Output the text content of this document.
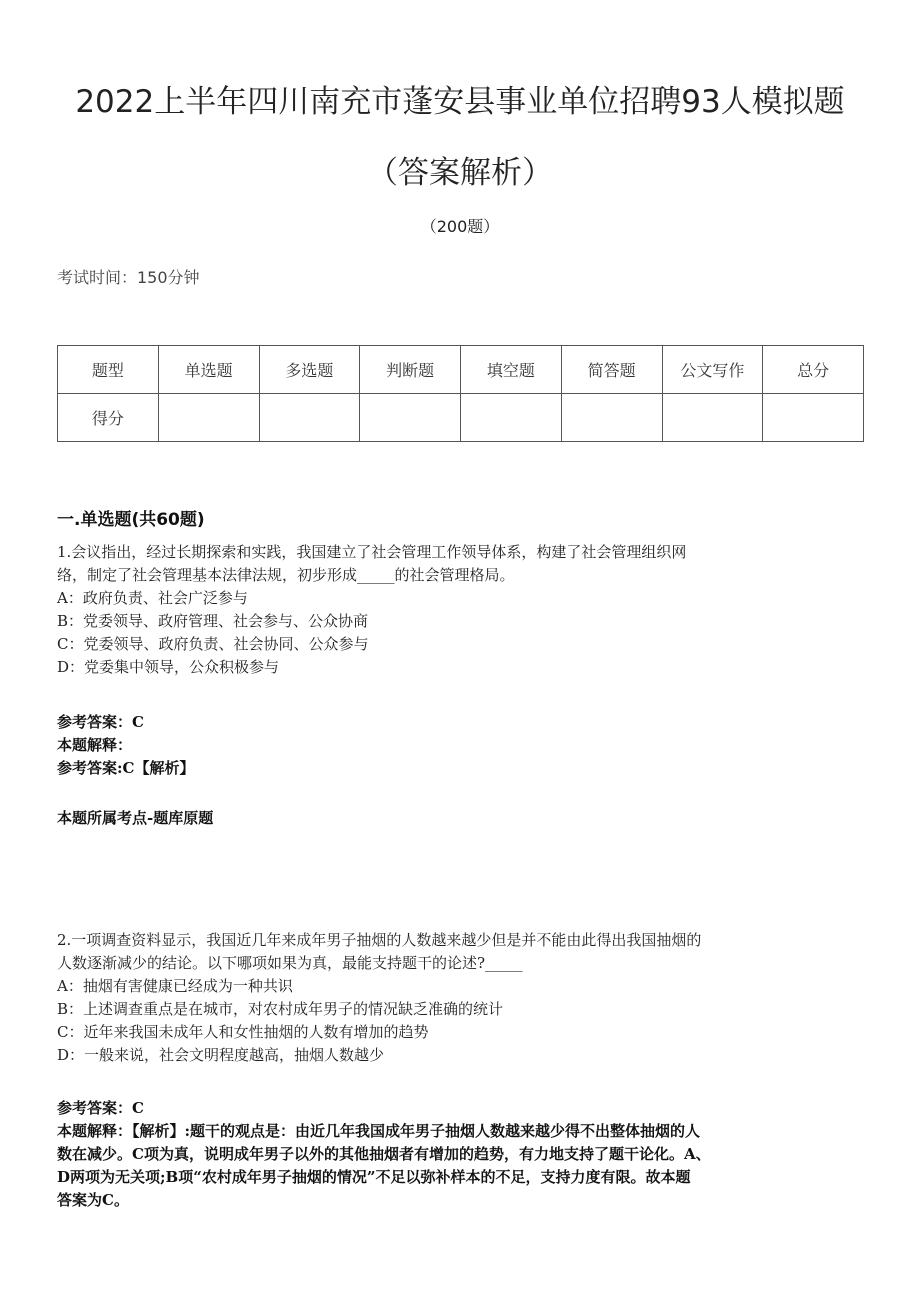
2022上半年四川南充市蓬安县事业单位招聘93人模拟题
（答案解析）
（200题）
考试时间：150分钟
题型	单选题	多选题	判断题	填空题	简答题	公文写作	总分
得分							
一.单选题(共60题)

1.会议指出，经过长期探索和实践，我国建立了社会管理工作领导体系，构建了社会管理组织网

络，制定了社会管理基本法律法规，初步形成_____的社会管理格局。

A：政府负责、社会广泛参与

B：党委领导、政府管理、社会参与、公众协商

C：党委领导、政府负责、社会协同、公众参与

D：党委集中领导，公众积极参与

参考答案：C

本题解释：

参考答案:C【解析】

本题所属考点-题库原题

2.一项调查资料显示，我国近几年来成年男子抽烟的人数越来越少但是并不能由此得出我国抽烟的

人数逐渐减少的结论。以下哪项如果为真，最能支持题干的论述?_____

A：抽烟有害健康已经成为一种共识

B：上述调查重点是在城市，对农村成年男子的情况缺乏准确的统计

C：近年来我国未成年人和女性抽烟的人数有增加的趋势

D：一般来说，社会文明程度越高，抽烟人数越少

参考答案：C

本题解释：【解析】:题干的观点是：由近几年我国成年男子抽烟人数越来越少得不出整体抽烟的人

数在减少。C项为真，说明成年男子以外的其他抽烟者有增加的趋势，有力地支持了题干论化。A、

D两项为无关项;B项“农村成年男子抽烟的情况”不足以弥补样本的不足，支持力度有限。故本题

答案为C。
